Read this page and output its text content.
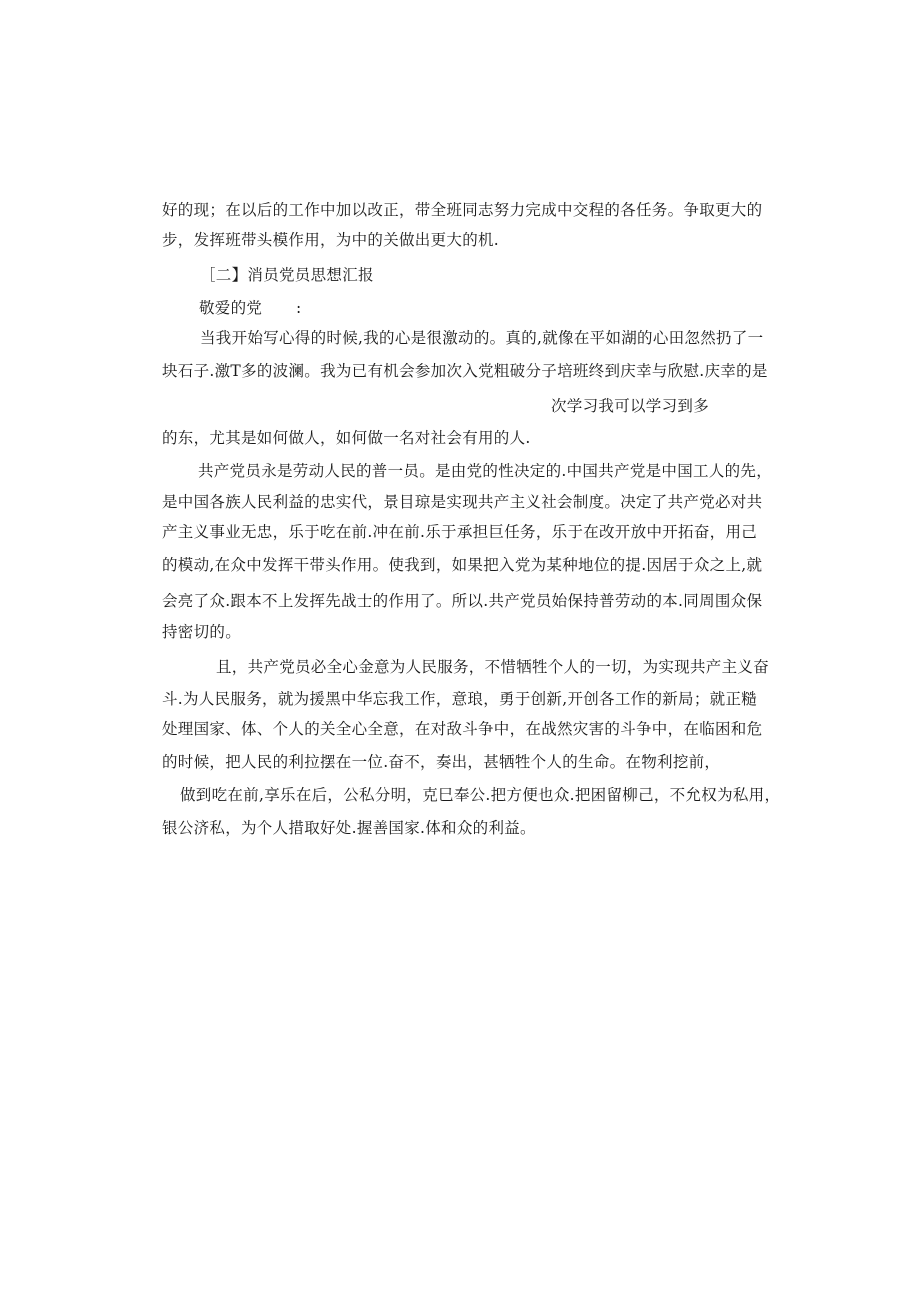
好的现；在以后的工作中加以改正，带全班同志努力完成中交程的各任务。争取更大的
步，发挥班带头模作用，为中的关做出更大的机.
［二】消员党员思想汇报
敬爱的党 :
当我开始写心得的时候,我的心是很激动的。真的,就像在平如湖的心田忽然扔了一
块石子.激T多的波澜。我为已有机会参加次入党粗破分子培班终到庆幸与欣慰.庆幸的是
次学习我可以学习到多
的东，尤其是如何做人，如何做一名对社会有用的人.
共产党员永是劳动人民的普一员。是由党的性决定的.中国共产党是中国工人的先，
是中国各族人民利益的忠实代，景目琼是实现共产主义社会制度。决定了共产党必对共
产主义事业无忠，乐于吃在前.冲在前.乐于承担巨任务，乐于在改开放中开拓奋，用己
的模动,在众中发挥干带头作用。使我到，如果把入党为某种地位的提.因居于众之上,就
会亮了众.跟本不上发挥先战士的作用了。所以.共产党员始保持普劳动的本.同周围众保
持密切的。
且，共产党员必全心金意为人民服务，不惜牺牲个人的一切，为实现共产主义奋
斗.为人民服务，就为援黑中华忘我工作，意琅，勇于创新,开创各工作的新局；就正糙
处理国家、体、个人的关全心全意，在对敌斗争中，在战然灾害的斗争中，在临困和危
的时候，把人民的利拉摆在一位.奋不，奏出，甚牺牲个人的生命。在物利挖前，
做到吃在前,享乐在后，公私分明，克巳奉公.把方便也众.把困留柳己，不允权为私用，
银公济私，为个人措取好处.握善国家.体和众的利益。
